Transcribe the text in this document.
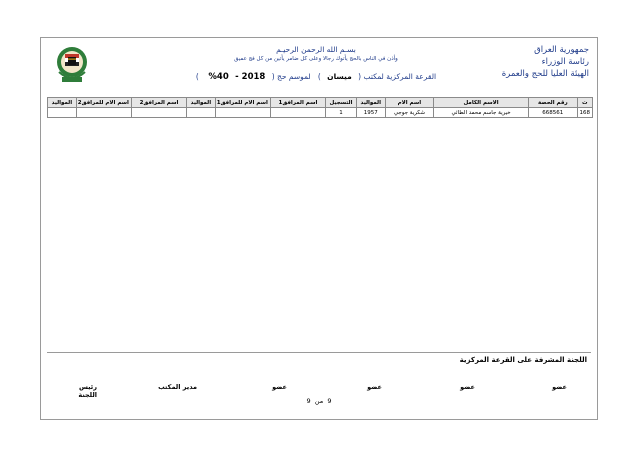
جمهورية العراق
رئاسة الوزراء
الهيئة العليا للحج والعمرة
بسـم الله الرحمن الرحيـم
وأذن في الناس بالحج يأتوك رجالا وعلى كل ضامر يأتين من كل فج عميق
القرعة المركزية لمكتب ( ميسان )   لموسم حج ( 2018 - 40%    )
ت	رقم الحصة	الاسم الكامل	اسم الام	المواليد	التسجيل	اسم المرافق1	اسم الام للمرافق1	المواليد	اسم المرافق2	اسم الام للمرافق2	المواليد
168	668561	خيرية جاسم محمد الطائي	شكرية جوجي	1957	1						
اللجنة المشرفة على القرعة المركزية
عضو
عضو
عضو
عضو
مدير المكتب
رئيس اللجنة
9  من  9
